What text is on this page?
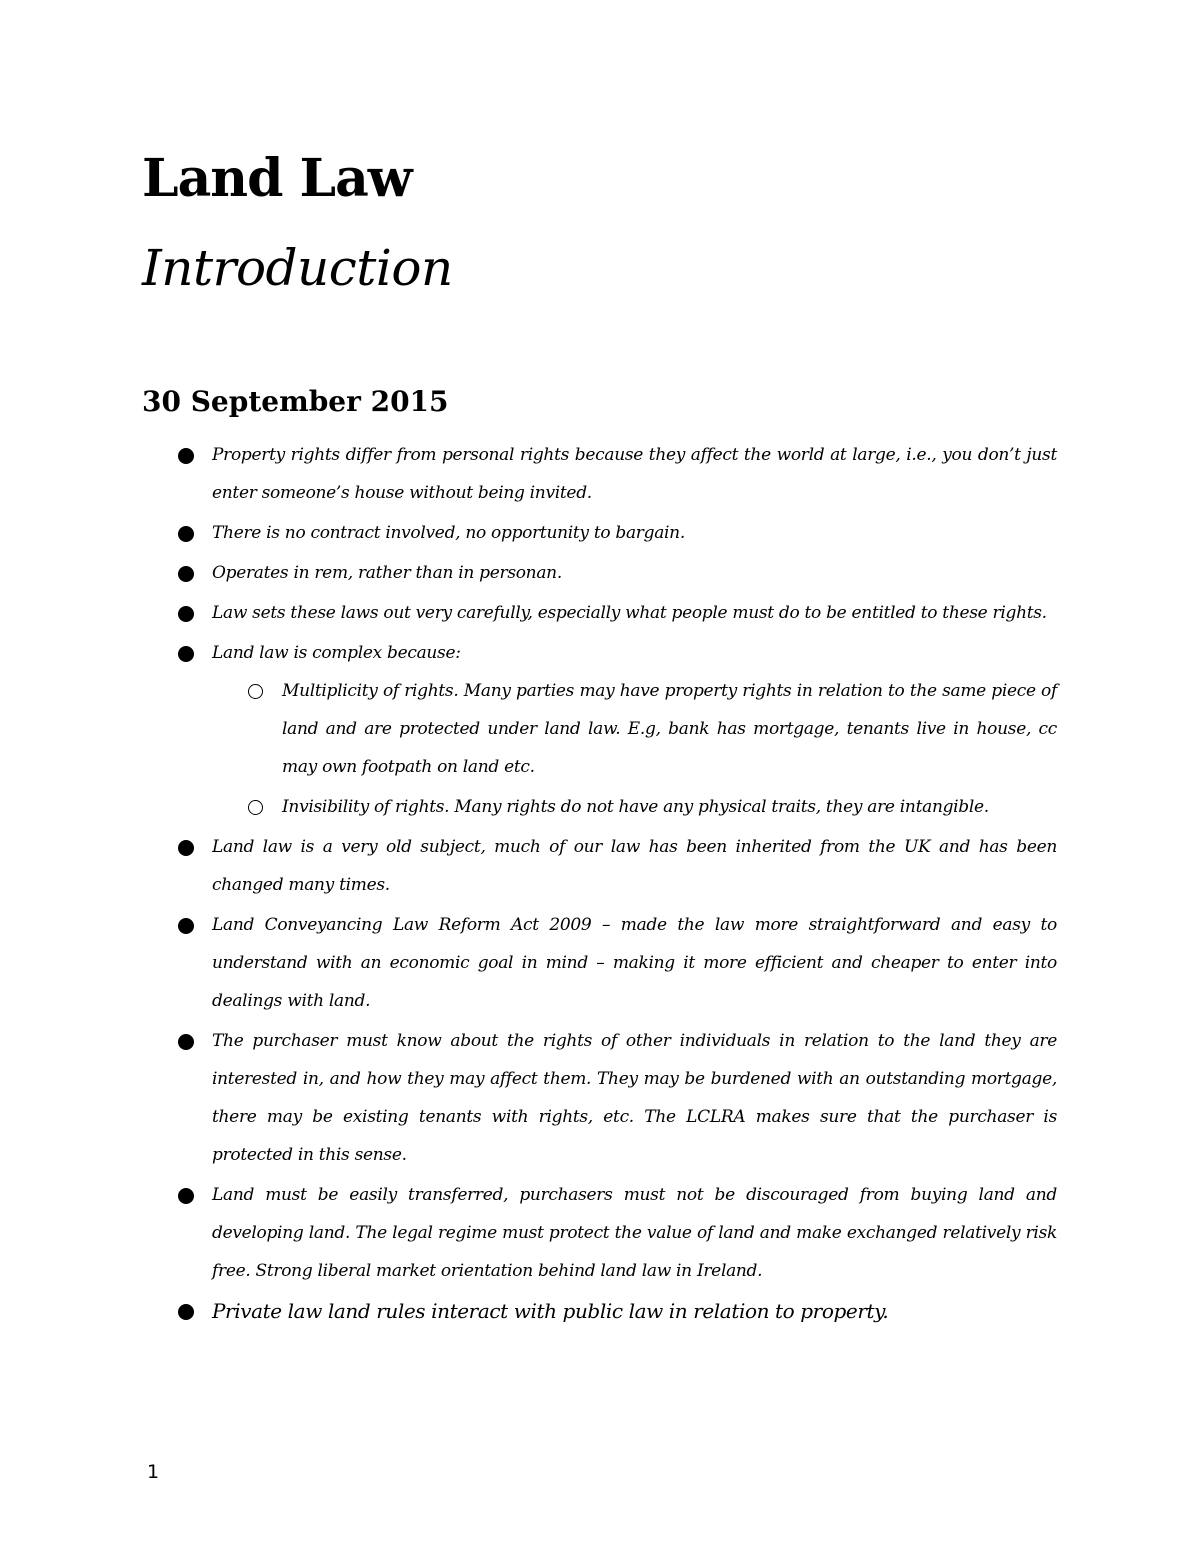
Land Law
Introduction
30 September 2015
Property rights differ from personal rights because they affect the world at large, i.e., you don’t just enter someone’s house without being invited.
There is no contract involved, no opportunity to bargain.
Operates in rem, rather than in personan.
Law sets these laws out very carefully, especially what people must do to be entitled to these rights.
Land law is complex because:
Multiplicity of rights. Many parties may have property rights in relation to the same piece of land and are protected under land law. E.g, bank has mortgage, tenants live in house, cc may own footpath on land etc.
Invisibility of rights. Many rights do not have any physical traits, they are intangible.
Land law is a very old subject, much of our law has been inherited from the UK and has been changed many times.
Land Conveyancing Law Reform Act 2009 – made the law more straightforward and easy to understand with an economic goal in mind – making it more efficient and cheaper to enter into dealings with land.
The purchaser must know about the rights of other individuals in relation to the land they are interested in, and how they may affect them. They may be burdened with an outstanding mortgage, there may be existing tenants with rights, etc. The LCLRA makes sure that the purchaser is protected in this sense.
Land must be easily transferred, purchasers must not be discouraged from buying land and developing land. The legal regime must protect the value of land and make exchanged relatively risk free. Strong liberal market orientation behind land law in Ireland.
Private law land rules interact with public law in relation to property.
1
